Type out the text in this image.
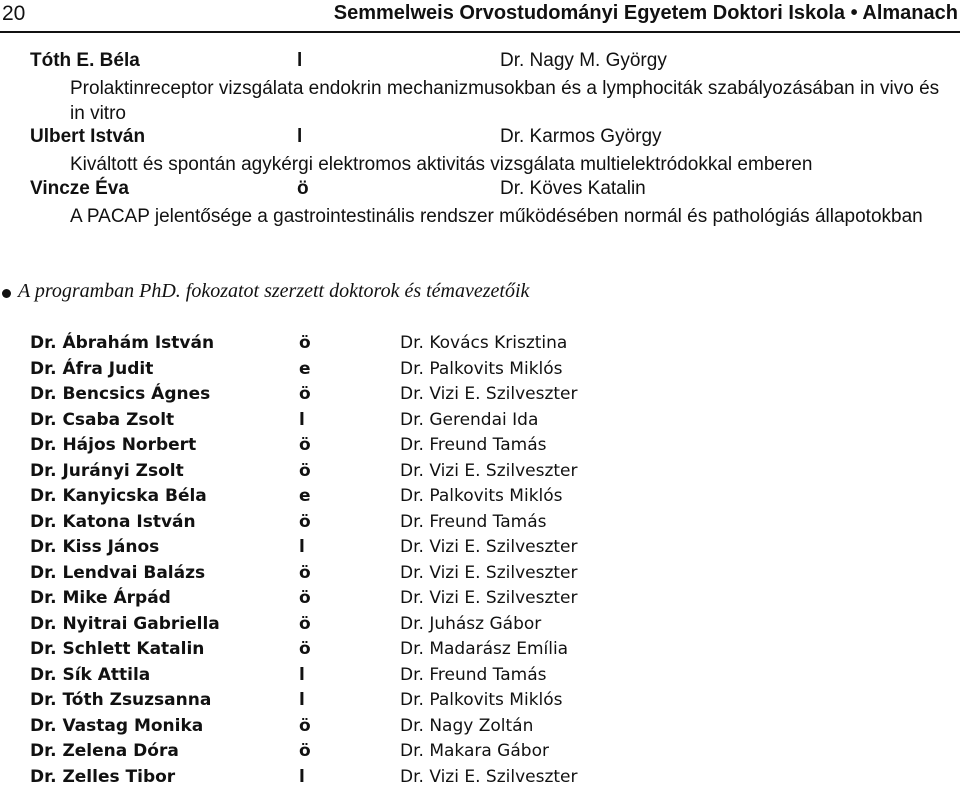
20	Semmelweis Orvostudományi Egyetem Doktori Iskola • Almanach
Tóth E. Béla	l	Dr. Nagy M. György
Prolaktinreceptor vizsgálata endokrin mechanizmusokban és a lymphociták szabályozásában in vivo és in vitro
Ulbert István	l	Dr. Karmos György
Kiváltott és spontán agykérgi elektromos aktivitás vizsgálata multielektródokkal emberen
Vincze Éva	ö	Dr. Köves Katalin
A PACAP jelentősége a gastrointestinális rendszer működésében normál és pathológiás állapotokban
A programban PhD. fokozatot szerzett doktorok és témavezetőik
Dr. Ábrahám István	ö	Dr. Kovács Krisztina
Dr. Áfra Judit	e	Dr. Palkovits Miklós
Dr. Bencsics Ágnes	ö	Dr. Vizi E. Szilveszter
Dr. Csaba Zsolt	l	Dr. Gerendai Ida
Dr. Hájos Norbert	ö	Dr. Freund Tamás
Dr. Jurányi Zsolt	ö	Dr. Vizi E. Szilveszter
Dr. Kanyicska Béla	e	Dr. Palkovits Miklós
Dr. Katona István	ö	Dr. Freund Tamás
Dr. Kiss János	l	Dr. Vizi E. Szilveszter
Dr. Lendvai Balázs	ö	Dr. Vizi E. Szilveszter
Dr. Mike Árpád	ö	Dr. Vizi E. Szilveszter
Dr. Nyitrai Gabriella	ö	Dr. Juhász Gábor
Dr. Schlett Katalin	ö	Dr. Madarász Emília
Dr. Sík Attila	l	Dr. Freund Tamás
Dr. Tóth Zsuzsanna	l	Dr. Palkovits Miklós
Dr. Vastag Monika	ö	Dr. Nagy Zoltán
Dr. Zelena Dóra	ö	Dr. Makara Gábor
Dr. Zelles Tibor	l	Dr. Vizi E. Szilveszter
